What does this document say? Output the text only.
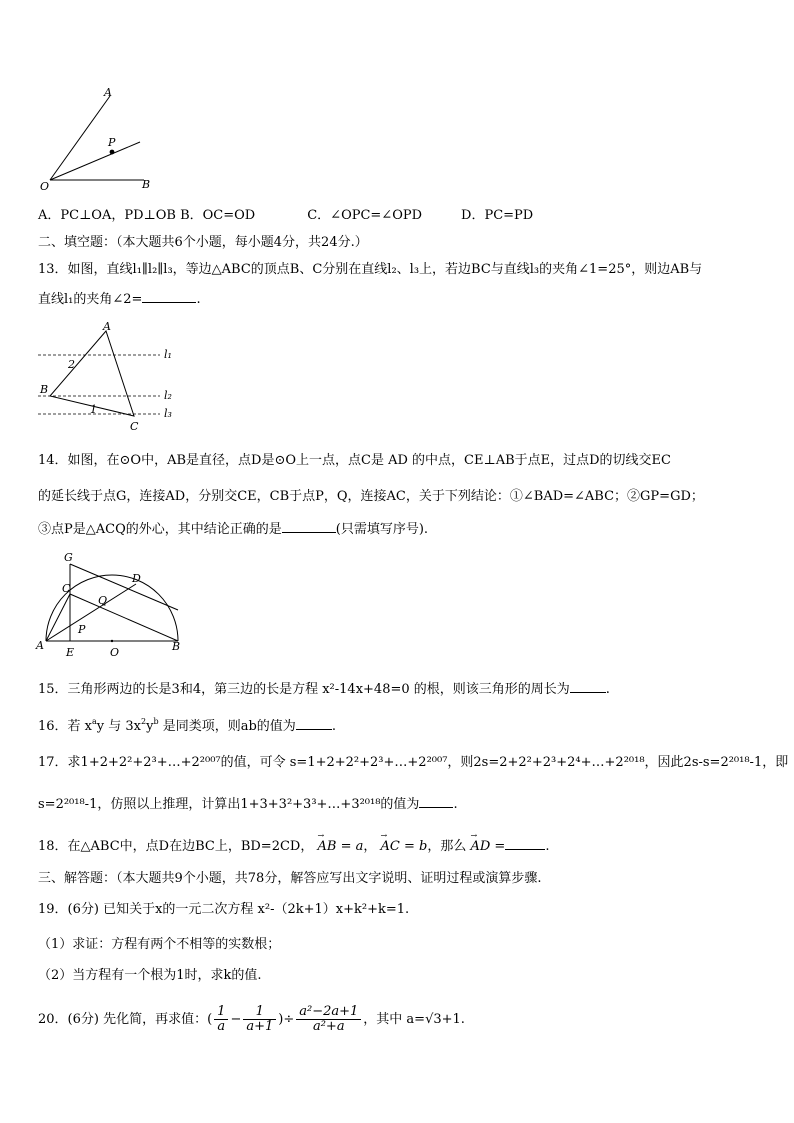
A
P
O	B
A．PC⊥OA，PD⊥OB B．OC=OD　　　　C．∠OPC=∠OPD　　　D．PC=PD
二、填空题：（本大题共6个小题，每小题4分，共24分.）
13．如图，直线l₁∥l₂∥l₃，等边△ABC的顶点B、C分别在直线l₂、l₃上，若边BC与直线l₃的夹角∠1=25°，则边AB与
直线l₁的夹角∠2=	.
A
B
C
l₁
l₂
l₃
2
1
14．如图，在⊙O中，AB是直径，点D是⊙O上一点，点C是 AD 的中点，CE⊥AB于点E，过点D的切线交EC
的延长线于点G，连接AD，分别交CE，CB于点P，Q，连接AC，关于下列结论：①∠BAD=∠ABC；②GP=GD；
③点P是△ACQ的外心，其中结论正确的是	(只需填写序号).
G
C
D
Q
P
A
E	O	B
15．三角形两边的长是3和4，第三边的长是方程 x²-14x+48=0 的根，则该三角形的周长为	.
16．若 $x^ay$ 与 $3x^2y^b$ 是同类项，则ab的值为	.
17．求1+2+2²+2³+…+2²⁰⁰⁷的值，可令 s=1+2+2²+2³+…+2²⁰⁰⁷，则2s=2+2²+2³+2⁴+…+2²⁰¹⁸，因此2s-s=2²⁰¹⁸-1，即
s=2²⁰¹⁸-1，仿照以上推理，计算出1+3+3²+3³+…+3²⁰¹⁸的值为	.
18．在△ABC中，点D在边BC上，BD=2CD， → AB = a， → AC = b，那么 → AD =	.
三、解答题：（本大题共9个小题，共78分，解答应写出文字说明、证明过程或演算步骤.
19．(6分) 已知关于x的一元二次方程 x²-（2k+1）x+k²+k=1.
（1）求证：方程有两个不相等的实数根；
（2）当方程有一个根为1时，求k的值.
20．(6分) 先化简，再求值：( $\frac{1}{a} - \frac{1}{a+1}$ )÷ $\frac{\text{a²−2a+1}}{\text{a²+a}}$ ，其中 a=√3+1.
